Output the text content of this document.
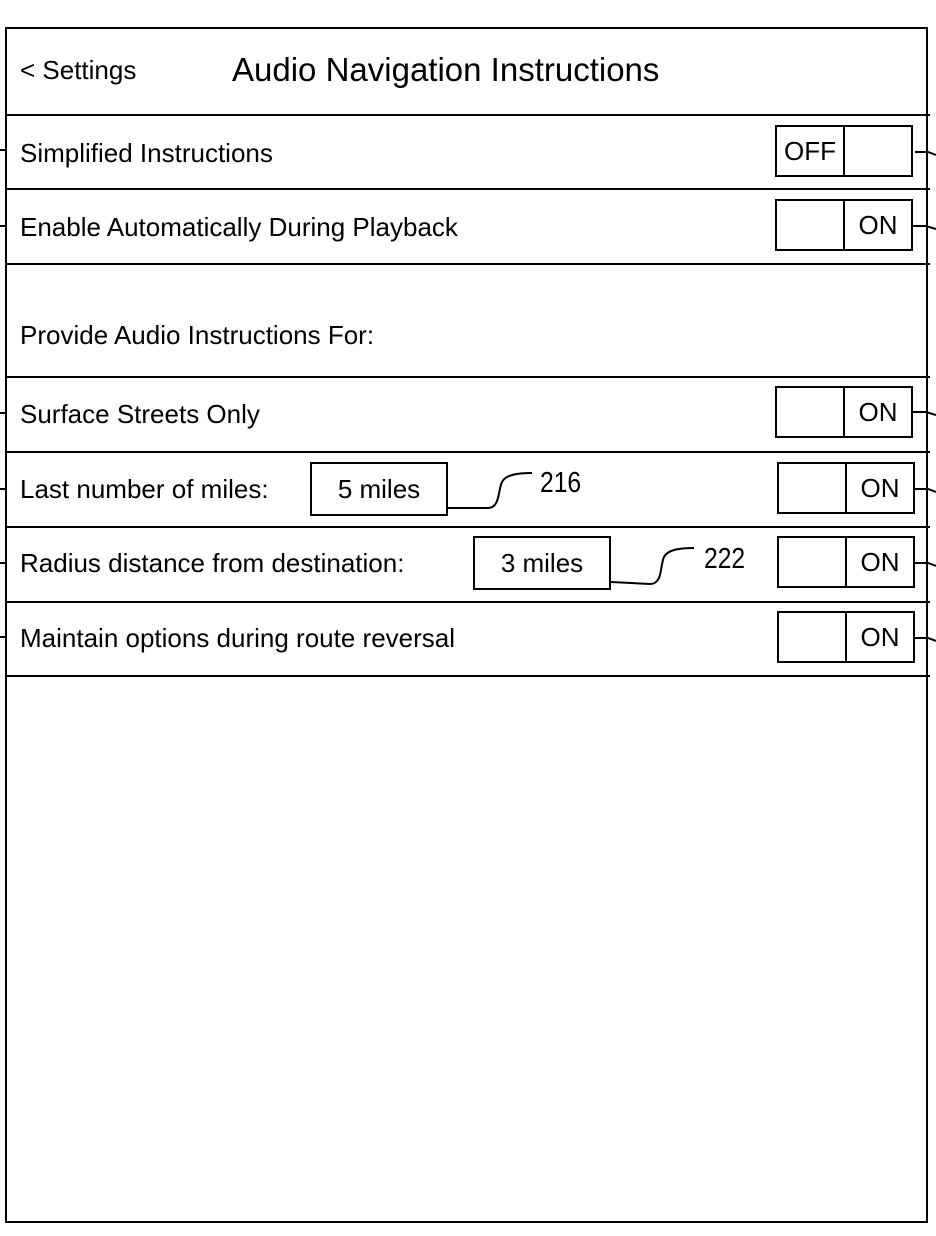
< Settings	Audio Navigation Instructions
Simplified Instructions	OFF
Enable Automatically During Playback	ON
Provide Audio Instructions For:
Surface Streets Only	ON
Last number of miles:	5 miles	216	ON
Radius distance from destination:	3 miles	222	ON
Maintain options during route reversal	ON
